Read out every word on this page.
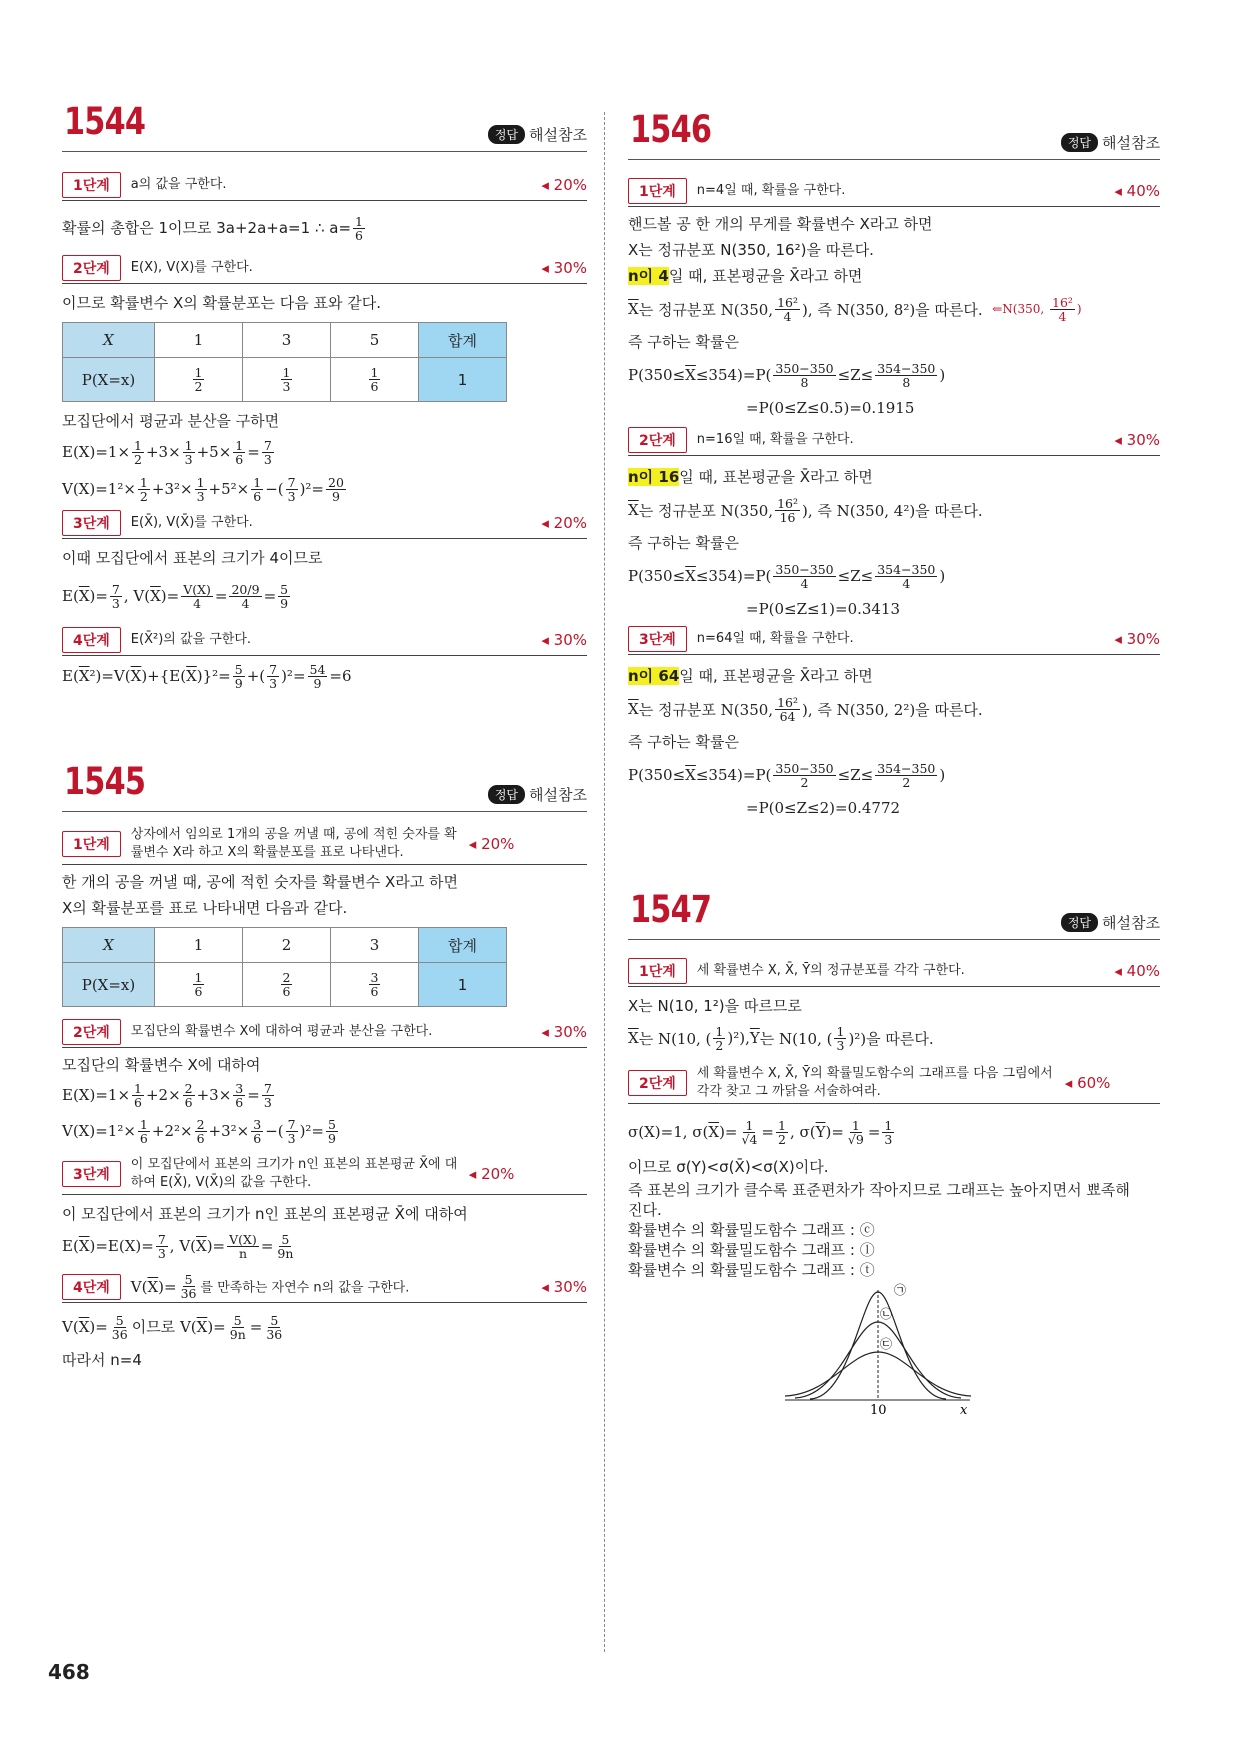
1544	정답 해설참조
1단계	a의 값을 구한다.	◂ 20%
확률의 총합은 1이므로 3a+2a+a=1 ∴ $a= \frac{1}{6}$
2단계	E(X), V(X)를 구한다.	◂ 30%
이므로 확률변수 X의 확률분포는 다음 표와 같다.
X	1	3	5	합계
P(X=x)	$\frac{1}{2}$	$\frac{1}{3}$	$\frac{1}{6}$	1
모집단에서 평균과 분산을 구하면
E(X)=1× 1
2 +3× 1
3 +5× 1
6 = 7
3
V(X)=1²× 1
2 +3²× 1
3 +5²× 1
6 −( 7
3 )²= 20
9
3단계	E(X̄), V(X̄)를 구한다.	◂ 20%
이때 모집단에서 표본의 크기가 4이므로
E( $\overline{X}$ )= 7
3 , V( $\overline{X}$ )= V(X)
4 = 20/9
4 = 5
9
4단계	E(X̄²)의 값을 구한다.	◂ 30%
E( $\overline{X}$ ²)=V( $\overline{X}$ )+{E( $\overline{X}$ )}²= 5
9 +( 7
3 )²= 54
9 =6
1545	정답 해설참조
1단계
상자에서 임의로 1개의 공을 꺼낼 때, 공에 적힌 숫자를 확률변수 X라 하고 X의 확률분포를 표로 나타낸다.	◂ 20%
한 개의 공을 꺼낼 때, 공에 적힌 숫자를 확률변수 X라고 하면
X의 확률분포를 표로 나타내면 다음과 같다.
X	1	2	3	합계
P(X=x)	$\frac{1}{6}$	$\frac{2}{6}$	$\frac{3}{6}$	1
2단계	모집단의 확률변수 X에 대하여 평균과 분산을 구한다.	◂ 30%
모집단의 확률변수 X에 대하여
E(X)=1× 1
6 +2× 2
6 +3× 3
6 = 7
3
V(X)=1²× 1
6 +2²× 2
6 +3²× 3
6 −( 7
3 )²= 5
9
3단계
이 모집단에서 표본의 크기가 n인 표본의 표본평균 X̄에 대하여 E(X̄), V(X̄)의 값을 구한다.	◂ 20%
이 모집단에서 표본의 크기가 n인 표본의 표본평균 X̄에 대하여
E( $\overline{X}$ )=E(X)= 7
3 , V( $\overline{X}$ )= V(X)
n = 5
9n
4단계	V( $\overline{X}$ )= 5
36 를 만족하는 자연수 n의 값을 구한다.	◂ 30%
V( $\overline{X}$ )= 5
36 이므로 V( $\overline{X}$ )= 5
9n = 5
36
따라서 n=4
1546	정답 해설참조
1단계	n=4일 때, 확률을 구한다.	◂ 40%
핸드볼 공 한 개의 무게를 확률변수 X라고 하면
X는 정규분포 N(350, 16²)을 따른다.
n이 4일 때, 표본평균을 X̄라고 하면
$\overline{X}$ 는 정규분포 N(350, 16²
4 ), 즉 N(350, 8²)을 따른다. ⇐N(350, $\frac{\text{16²}}{4}$ )
즉 구하는 확률은
$P(350\le \overline{X} \le 354)=P$( 350−350
8 ≤Z≤ 354−350
8 )
=P(0≤Z≤0.5)=0.1915
2단계	n=16일 때, 확률을 구한다.	◂ 30%
n이 16일 때, 표본평균을 X̄라고 하면
$\overline{X}$ 는 정규분포 N(350, 16²
16 ), 즉 N(350, 4²)을 따른다.
즉 구하는 확률은
$P(350\le \overline{X} \le 354)=P$( 350−350
4 ≤Z≤ 354−350
4 )
=P(0≤Z≤1)=0.3413
3단계	n=64일 때, 확률을 구한다.	◂ 30%
n이 64일 때, 표본평균을 X̄라고 하면
$\overline{X}$ 는 정규분포 N(350, 16²
64 ), 즉 N(350, 2²)을 따른다.
즉 구하는 확률은
$P(350\le \overline{X} \le 354)=P$( 350−350
2 ≤Z≤ 354−350
2 )
=P(0≤Z≤2)=0.4772
1547	정답 해설참조
1단계	세 확률변수 X, X̄, Ȳ의 정규분포를 각각 구한다.	◂ 40%
X는 N(10, 1²)을 따르므로
$\overline{X}$ 는 N(10, ( 1
2 )²), $\overline{Y}$ 는 N(10, ( 1
3 )²)을 따른다.
2단계
세 확률변수 X, X̄, Ȳ의 확률밀도함수의 그래프를 다음 그림에서 각각 찾고 그 까닭을 서술하여라.	◂ 60%
σ(X)=1, σ( $\overline{X}$ )= 1
√4 = 1
2 , σ( $\overline{Y}$ )= 1
√9 = 1
3
이므로 σ(Y)<σ(X̄)<σ(X)이다.
즉 표본의 크기가 클수록 표준편차가 작아지므로 그래프는 높아지면서 뾰족해
진다.
확률변수 의 확률밀도함수 그래프 : ⓒ
확률변수 의 확률밀도함수 그래프 : ⓛ
확률변수 의 확률밀도함수 그래프 : ⓣ
㉠
㉡
㉢
10	x
468
